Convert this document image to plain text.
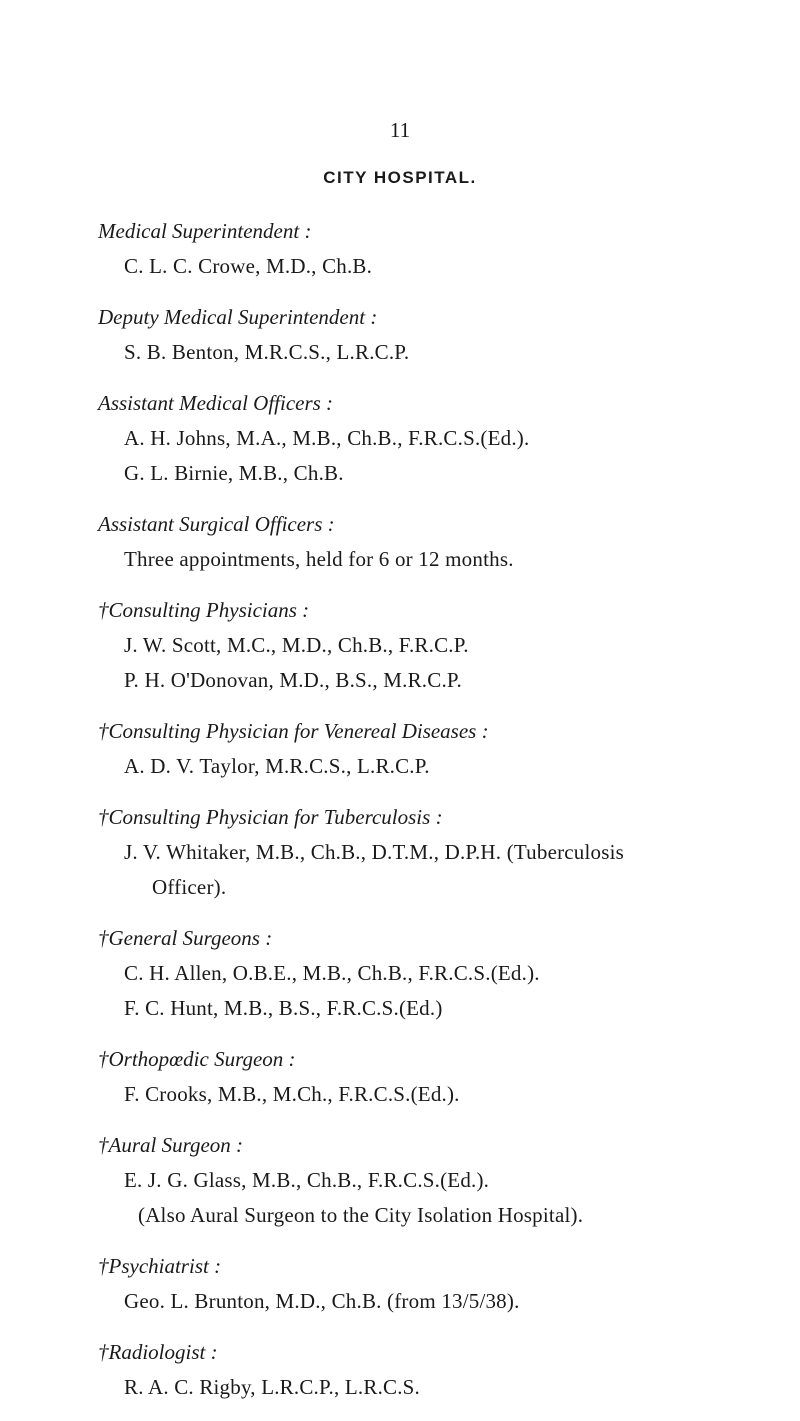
11
CITY HOSPITAL.
Medical Superintendent :
C. L. C. Crowe, M.D., Ch.B.
Deputy Medical Superintendent :
S. B. Benton, M.R.C.S., L.R.C.P.
Assistant Medical Officers :
A. H. Johns, M.A., M.B., Ch.B., F.R.C.S.(Ed.).
G. L. Birnie, M.B., Ch.B.
Assistant Surgical Officers :
Three appointments, held for 6 or 12 months.
†Consulting Physicians :
J. W. Scott, M.C., M.D., Ch.B., F.R.C.P.
P. H. O'Donovan, M.D., B.S., M.R.C.P.
†Consulting Physician for Venereal Diseases :
A. D. V. Taylor, M.R.C.S., L.R.C.P.
†Consulting Physician for Tuberculosis :
J. V. Whitaker, M.B., Ch.B., D.T.M., D.P.H. (Tuberculosis
Officer).
†General Surgeons :
C. H. Allen, O.B.E., M.B., Ch.B., F.R.C.S.(Ed.).
F. C. Hunt, M.B., B.S., F.R.C.S.(Ed.)
†Orthopœdic Surgeon :
F. Crooks, M.B., M.Ch., F.R.C.S.(Ed.).
†Aural Surgeon :
E. J. G. Glass, M.B., Ch.B., F.R.C.S.(Ed.).
(Also Aural Surgeon to the City Isolation Hospital).
†Psychiatrist :
Geo. L. Brunton, M.D., Ch.B. (from 13/5/38).
†Radiologist :
R. A. C. Rigby, L.R.C.P., L.R.C.S.
